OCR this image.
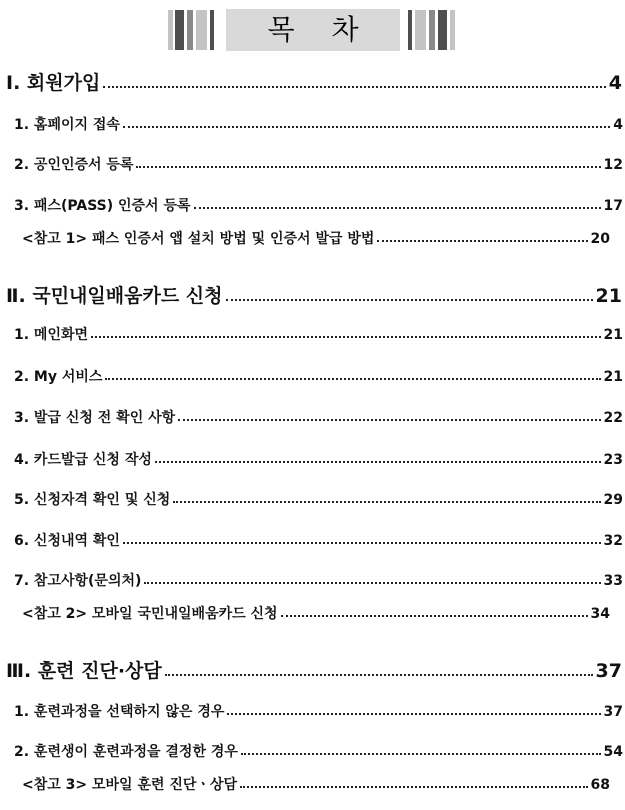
목 차
Ⅰ. 회원가입	4
1. 홈페이지 접속	4
2. 공인인증서 등록	12
3. 패스(PASS) 인증서 등록	17
<참고 1> 패스 인증서 앱 설치 방법 및 인증서 발급 방법	20
Ⅱ. 국민내일배움카드 신청	21
1. 메인화면	21
2. My 서비스	21
3. 발급 신청 전 확인 사항	22
4. 카드발급 신청 작성	23
5. 신청자격 확인 및 신청	29
6. 신청내역 확인	32
7. 참고사항(문의처)	33
<참고 2> 모바일 국민내일배움카드 신청	34
Ⅲ. 훈련 진단·상담	37
1. 훈련과정을 선택하지 않은 경우	37
2. 훈련생이 훈련과정을 결정한 경우	54
<참고 3> 모바일 훈련 진단ㆍ상담	68
